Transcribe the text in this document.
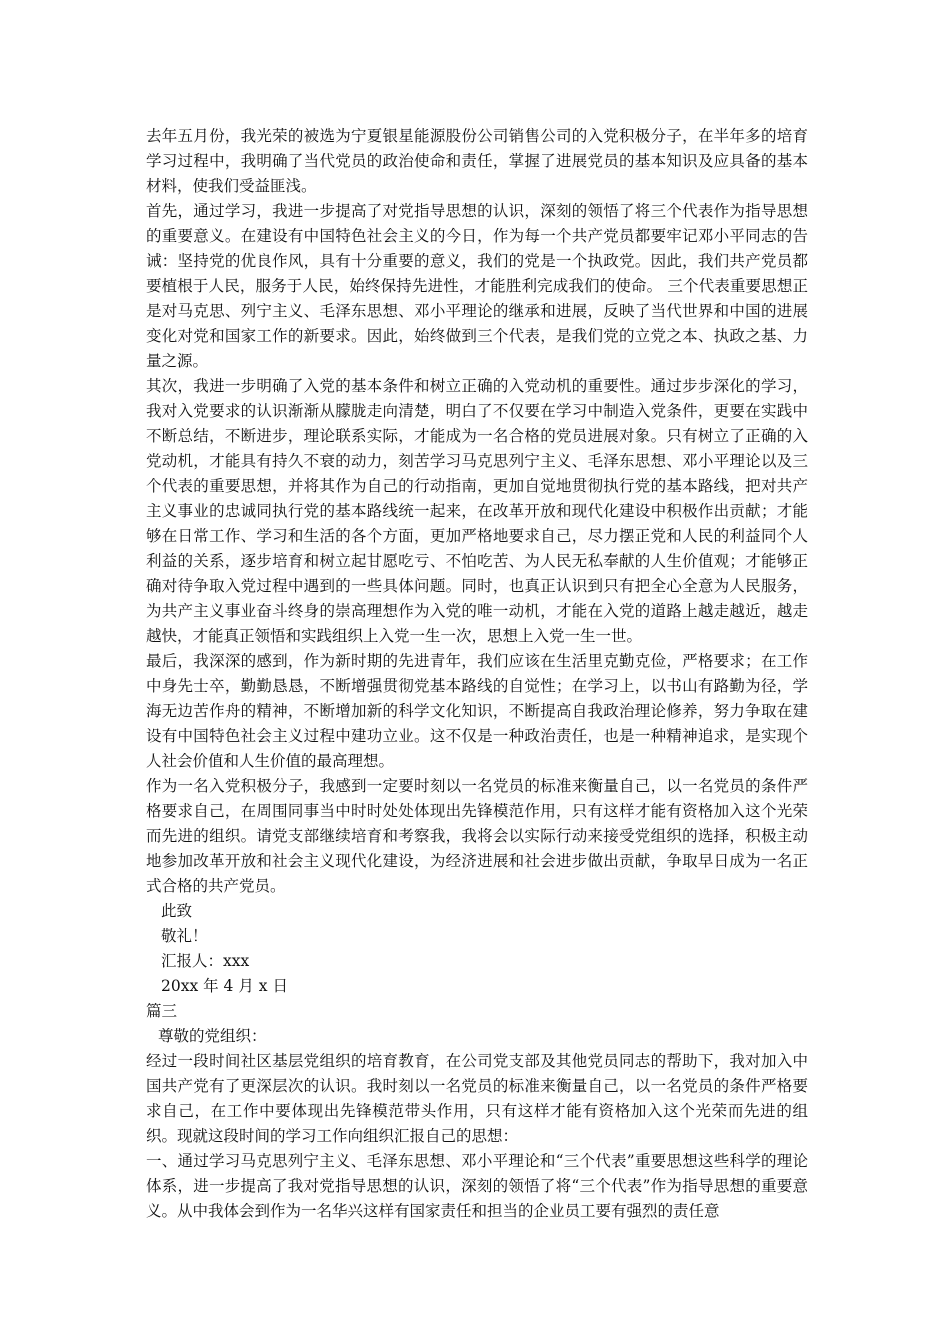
去年五月份，我光荣的被选为宁夏银星能源股份公司销售公司的入党积极分子，在半年多的培育学习过程中，我明确了当代党员的政治使命和责任，掌握了进展党员的基本知识及应具备的基本材料，使我们受益匪浅。

首先，通过学习，我进一步提高了对党指导思想的认识，深刻的领悟了将三个代表作为指导思想的重要意义。在建设有中国特色社会主义的今日，作为每一个共产党员都要牢记邓小平同志的告诫：坚持党的优良作风，具有十分重要的意义，我们的党是一个执政党。因此，我们共产党员都要植根于人民，服务于人民，始终保持先进性，才能胜利完成我们的使命。 三个代表重要思想正是对马克思、列宁主义、毛泽东思想、邓小平理论的继承和进展，反映了当代世界和中国的进展变化对党和国家工作的新要求。因此，始终做到三个代表，是我们党的立党之本、执政之基、力量之源。

其次，我进一步明确了入党的基本条件和树立正确的入党动机的重要性。通过步步深化的学习，我对入党要求的认识渐渐从朦胧走向清楚，明白了不仅要在学习中制造入党条件，更要在实践中不断总结，不断进步，理论联系实际，才能成为一名合格的党员进展对象。只有树立了正确的入党动机，才能具有持久不衰的动力，刻苦学习马克思列宁主义、毛泽东思想、邓小平理论以及三个代表的重要思想，并将其作为自己的行动指南，更加自觉地贯彻执行党的基本路线，把对共产主义事业的忠诚同执行党的基本路线统一起来，在改革开放和现代化建设中积极作出贡献；才能够在日常工作、学习和生活的各个方面，更加严格地要求自己，尽力摆正党和人民的利益同个人利益的关系，逐步培育和树立起甘愿吃亏、不怕吃苦、为人民无私奉献的人生价值观；才能够正确对待争取入党过程中遇到的一些具体问题。同时，也真正认识到只有把全心全意为人民服务，为共产主义事业奋斗终身的崇高理想作为入党的唯一动机，才能在入党的道路上越走越近，越走越快，才能真正领悟和实践组织上入党一生一次，思想上入党一生一世。

最后，我深深的感到，作为新时期的先进青年，我们应该在生活里克勤克俭，严格要求；在工作中身先士卒，勤勤恳恳，不断增强贯彻党基本路线的自觉性；在学习上，以书山有路勤为径，学海无边苦作舟的精神，不断增加新的科学文化知识，不断提高自我政治理论修养，努力争取在建设有中国特色社会主义过程中建功立业。这不仅是一种政治责任，也是一种精神追求，是实现个人社会价值和人生价值的最高理想。

作为一名入党积极分子，我感到一定要时刻以一名党员的标准来衡量自己，以一名党员的条件严格要求自己，在周围同事当中时时处处体现出先锋模范作用，只有这样才能有资格加入这个光荣而先进的组织。请党支部继续培育和考察我，我将会以实际行动来接受党组织的选择，积极主动地参加改革开放和社会主义现代化建设，为经济进展和社会进步做出贡献，争取早日成为一名正式合格的共产党员。

此致

敬礼！

汇报人：xxx

20xx 年 4 月 x 日

篇三

尊敬的党组织：

经过一段时间社区基层党组织的培育教育，在公司党支部及其他党员同志的帮助下，我对加入中国共产党有了更深层次的认识。我时刻以一名党员的标准来衡量自己，以一名党员的条件严格要求自己，在工作中要体现出先锋模范带头作用，只有这样才能有资格加入这个光荣而先进的组织。现就这段时间的学习工作向组织汇报自己的思想：

一、通过学习马克思列宁主义、毛泽东思想、邓小平理论和“三个代表”重要思想这些科学的理论体系，进一步提高了我对党指导思想的认识，深刻的领悟了将“三个代表”作为指导思想的重要意义。从中我体会到作为一名华兴这样有国家责任和担当的企业员工要有强烈的责任意
